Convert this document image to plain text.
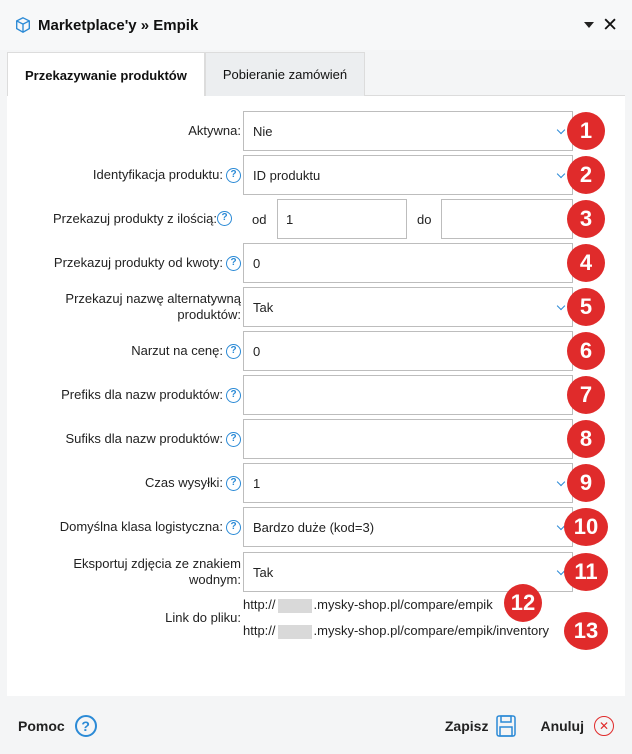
Marketplace'y » Empik	✕
Przekazywanie produktów	Pobieranie zamówień
Aktywna: Nie	1
Identyfikacja produktu: ?	ID produktu	2
Przekazuj produkty z ilością: ?	od 1	do	3
Przekazuj produkty od kwoty: ?	0	4
Przekazuj nazwę alternatywną
produktów: Tak	5
Narzut na cenę: ?	0	6
Prefiks dla nazw produktów: ?	7
Sufiks dla nazw produktów: ?	8
Czas wysyłki: ?	1	9
Domyślna klasa logistyczna: ?	Bardzo duże (kod=3)	10
Eksportuj zdjęcia ze znakiem
wodnym: Tak	11
Link do pliku:
http://	.mysky-shop.pl/compare/empik 12
http://	.mysky-shop.pl/compare/empik/inventory	13
Pomoc	?	Zapisz	Anuluj	✕
